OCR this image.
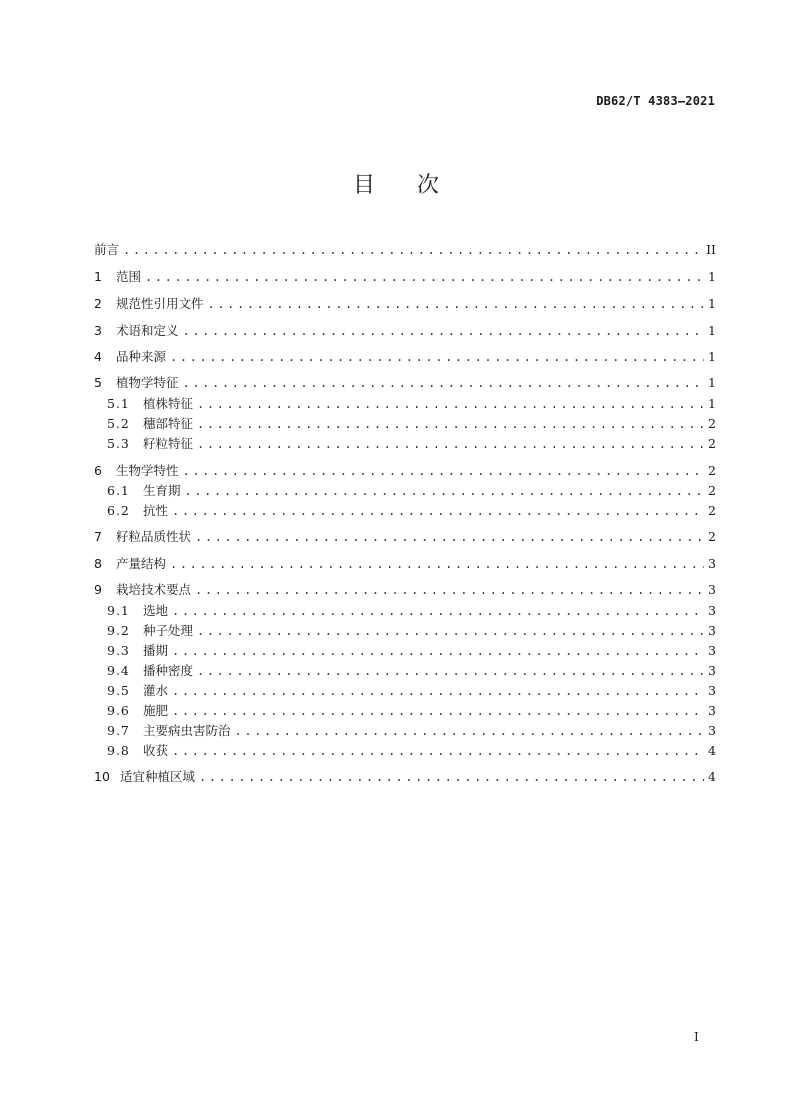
DB62/T 4383—2021
目 次
前言 .....	II
1	范围 .....	1
2	规范性引用文件 .....	1
3	术语和定义 .....	1
4	品种来源 .....	1
5	植物学特征 .....	1
5.1	植株特征 .....	1
5.2	穗部特征 .....	2
5.3	籽粒特征 .....	2
6	生物学特性 .....	2
6.1	生育期 .....	2
6.2	抗性 .....	2
7	籽粒品质性状 .....	2
8	产量结构 .....	3
9	栽培技术要点 .....	3
9.1	选地 .....	3
9.2	种子处理 .....	3
9.3	播期 .....	3
9.4	播种密度 .....	3
9.5	灌水 .....	3
9.6	施肥 .....	3
9.7	主要病虫害防治 .....	3
9.8	收获 .....	4
10 适宜种植区域 .....	4
I
